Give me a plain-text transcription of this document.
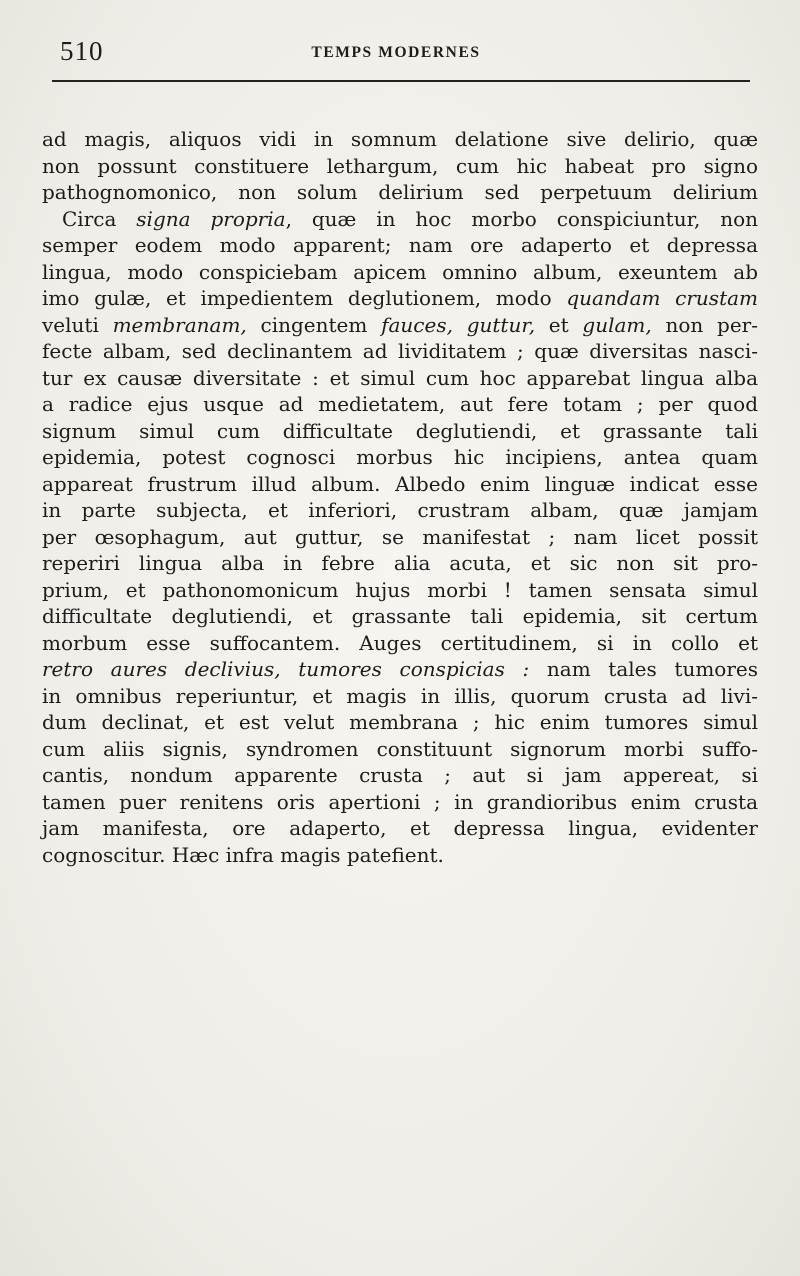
510	TEMPS MODERNES
ad magis, aliquos vidi in somnum delatione sive delirio, quæ
non possunt constituere lethargum, cum hic habeat pro signo
pathognomonico, non solum delirium sed perpetuum delirium
Circa signa propria, quæ in hoc morbo conspiciuntur, non
semper eodem modo apparent; nam ore adaperto et depressa
lingua, modo conspiciebam apicem omnino album, exeuntem ab
imo gulæ, et impedientem deglutionem, modo quandam crustam
veluti membranam, cingentem fauces, guttur, et gulam, non per-
fecte albam, sed declinantem ad lividitatem ; quæ diversitas nasci-
tur ex causæ diversitate : et simul cum hoc apparebat lingua alba
a radice ejus usque ad medietatem, aut fere totam ; per quod
signum simul cum difficultate deglutiendi, et grassante tali
epidemia, potest cognosci morbus hic incipiens, antea quam
appareat frustrum illud album. Albedo enim linguæ indicat esse
in parte subjecta, et inferiori, crustram albam, quæ jamjam
per œsophagum, aut guttur, se manifestat ; nam licet possit
reperiri lingua alba in febre alia acuta, et sic non sit pro-
prium, et pathonomonicum hujus morbi ! tamen sensata simul
difficultate deglutiendi, et grassante tali epidemia, sit certum
morbum esse suffocantem. Auges certitudinem, si in collo et
retro aures declivius, tumores conspicias : nam tales tumores
in omnibus reperiuntur, et magis in illis, quorum crusta ad livi-
dum declinat, et est velut membrana ; hic enim tumores simul
cum aliis signis, syndromen constituunt signorum morbi suffo-
cantis, nondum apparente crusta ; aut si jam appereat, si
tamen puer renitens oris apertioni ; in grandioribus enim crusta
jam manifesta, ore adaperto, et depressa lingua, evidenter
cognoscitur. Hæc infra magis patefient.
